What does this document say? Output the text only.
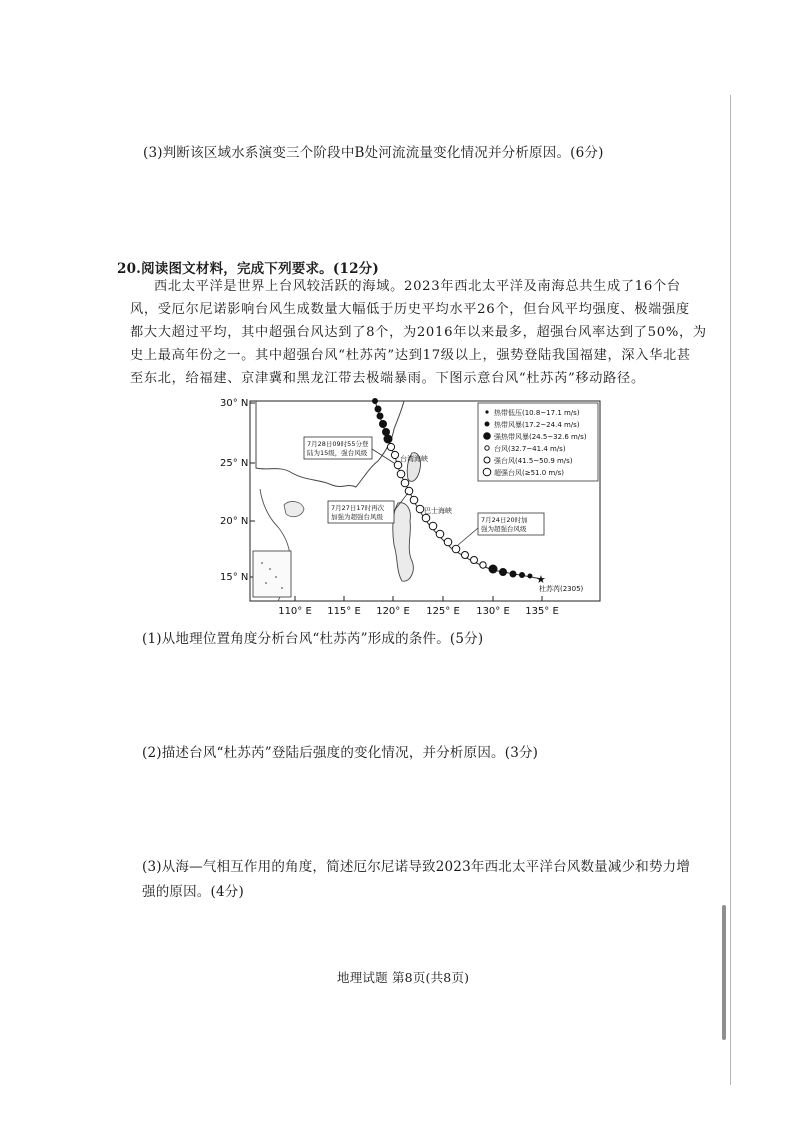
(3)判断该区域水系演变三个阶段中B处河流流量变化情况并分析原因。(6分)
20.阅读图文材料，完成下列要求。(12分)
西北太平洋是世界上台风较活跃的海域。2023年西北太平洋及南海总共生成了16个台
风，受厄尔尼诺影响台风生成数量大幅低于历史平均水平26个，但台风平均强度、极端强度
都大大超过平均，其中超强台风达到了8个，为2016年以来最多，超强台风率达到了50%，为
史上最高年份之一。其中超强台风“杜苏芮”达到17级以上，强势登陆我国福建，深入华北甚
至东北，给福建、京津冀和黑龙江带去极端暴雨。下图示意台风“杜苏芮”移动路径。
★
热带低压(10.8~17.1 m/s)
热带风暴(17.2~24.4 m/s)
强热带风暴(24.5~32.6 m/s)
台风(32.7~41.4 m/s)
强台风(41.5~50.9 m/s)
超强台风(≥51.0 m/s)
7月28日09时55分登
陆为15级，强台风级
7月27日17时再次
加强为超强台风级	7月24日20时加
强为超强台风级
台湾海峡
巴士海峡
杜苏芮(2305)
30° N
25° N
20° N
15° N
110° E 115° E 120° E 125° E 130° E 135° E
(1)从地理位置角度分析台风“杜苏芮”形成的条件。(5分)
(2)描述台风“杜苏芮”登陆后强度的变化情况，并分析原因。(3分)
(3)从海—气相互作用的角度，简述厄尔尼诺导致2023年西北太平洋台风数量减少和势力增
强的原因。(4分)
地理试题 第8页(共8页)
